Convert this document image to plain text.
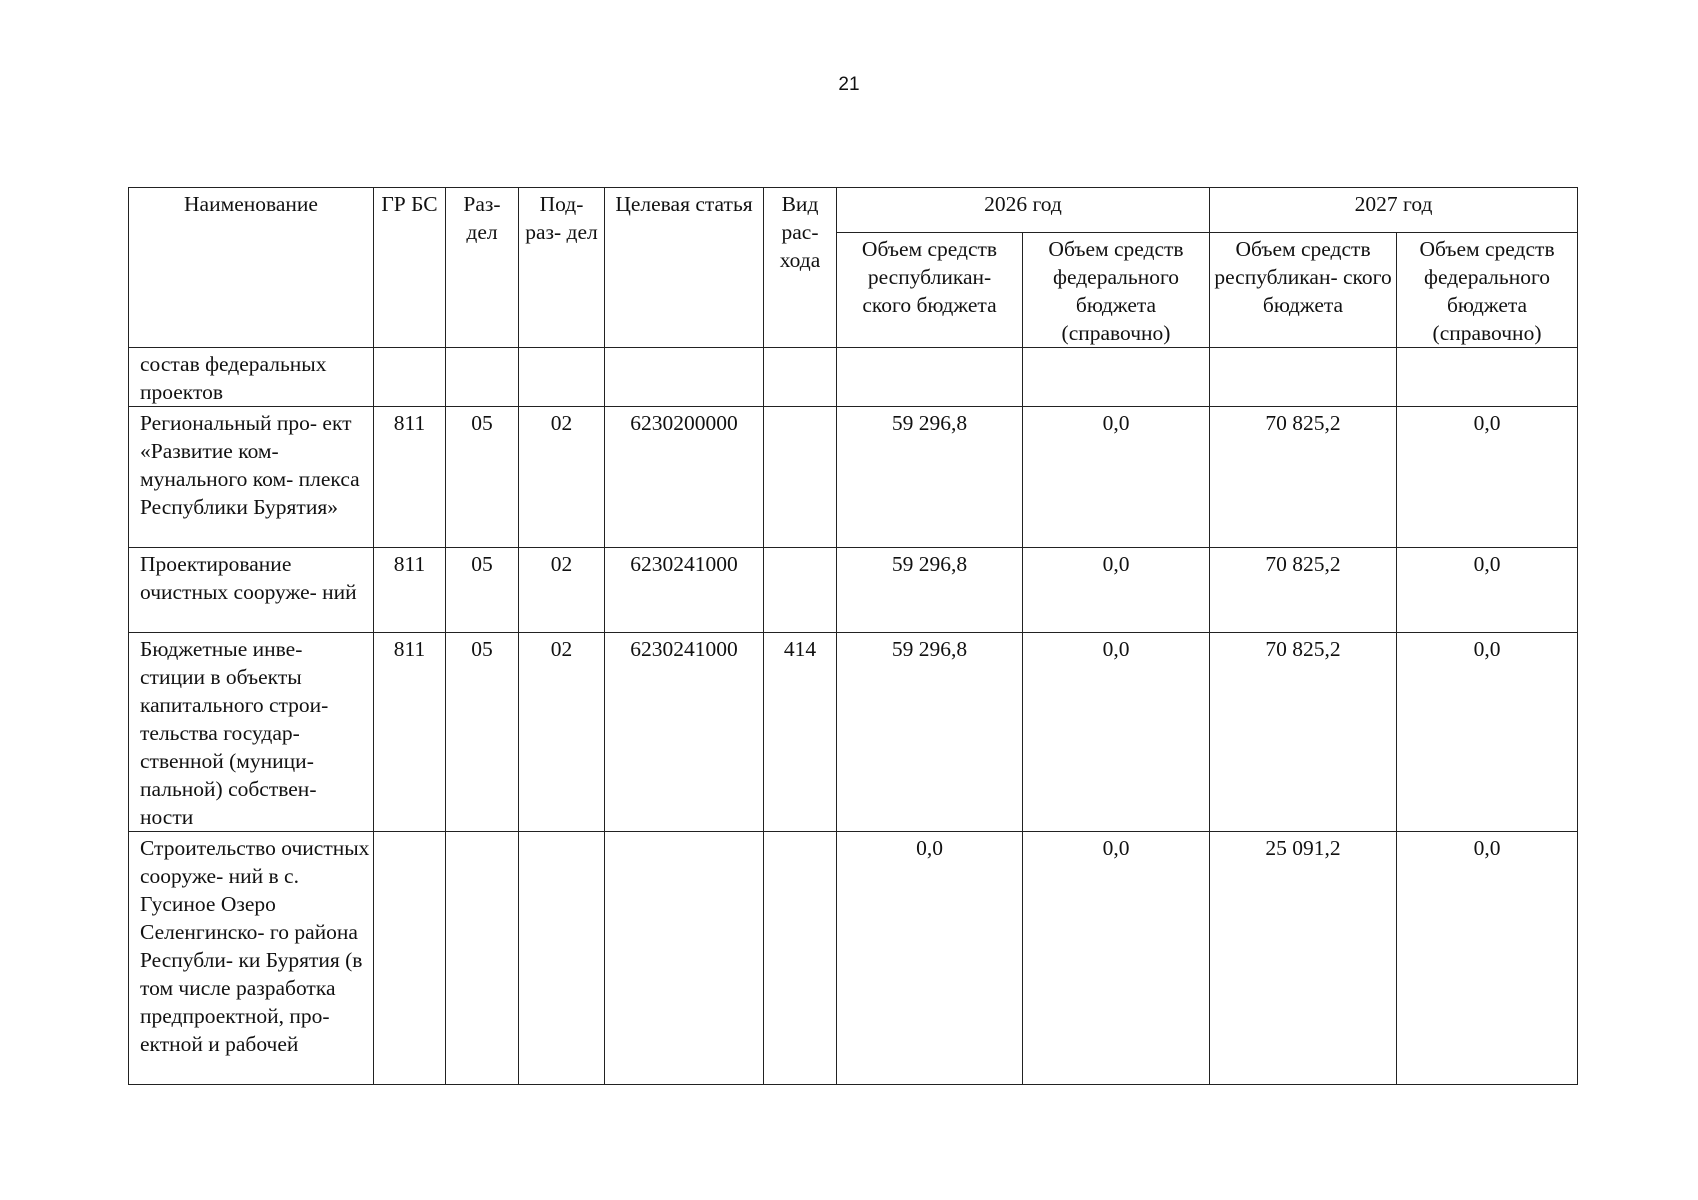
21
Наименование	ГР БС	Раз- дел	Под- раз- дел	Целевая статья	Вид рас- хода	2026 год		2027 год	
						Объем средств республикан- ского бюджета	Объем средств федерального бюджета (справочно)	Объем средств республикан- ского бюджета	Объем средств федерального бюджета (справочно)
состав федеральных проектов									
Региональный про- ект «Развитие ком- мунального ком- плекса Республики Бурятия»	811	05	02	6230200000		59 296,8	0,0	70 825,2	0,0
Проектирование очистных сооруже- ний	811	05	02	6230241000		59 296,8	0,0	70 825,2	0,0
Бюджетные инве- стиции в объекты капитального строи- тельства государ- ственной (муници- пальной) собствен- ности	811	05	02	6230241000	414	59 296,8	0,0	70 825,2	0,0
Строительство очистных сооруже- ний в с. Гусиное Озеро Селенгинско- го района Республи- ки Бурятия (в том числе разработка предпроектной, про- ектной и рабочей						0,0	0,0	25 091,2	0,0
